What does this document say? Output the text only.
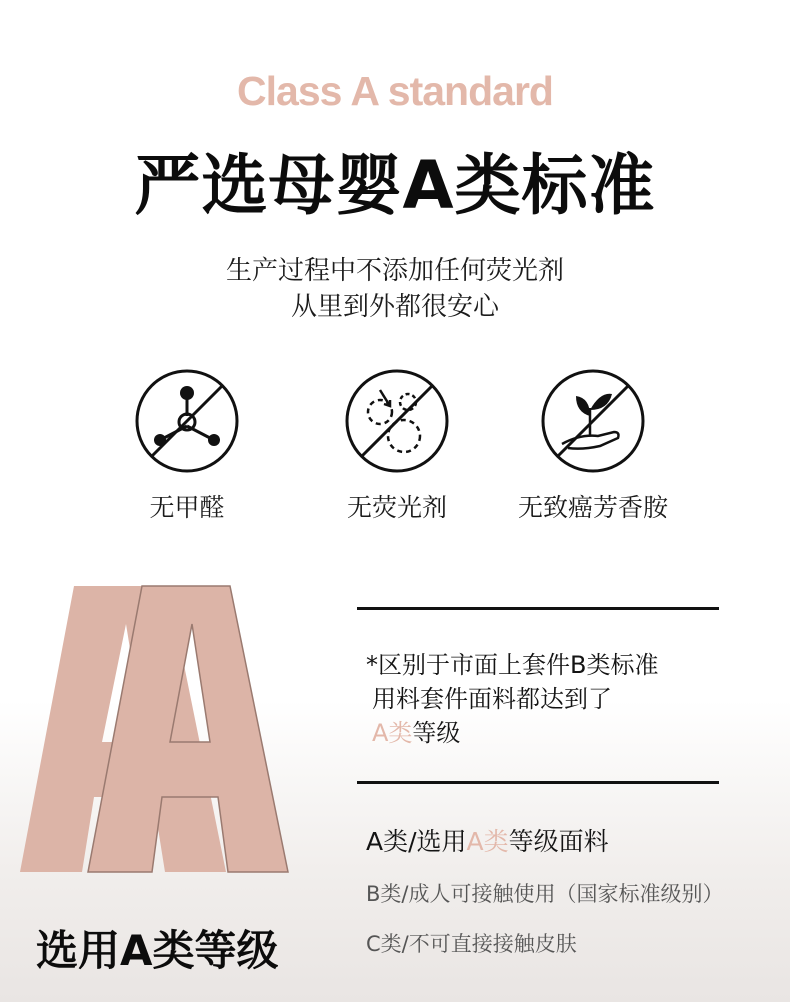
Class A standard
严选母婴A类标准
生产过程中不添加任何荧光剂
从里到外都很安心
无甲醛	无荧光剂	无致癌芳香胺
*区别于市面上套件B类标准
用料套件面料都达到了
A类等级
A类/选用A类等级面料
B类/成人可接触使用（国家标准级别）
C类/不可直接接触皮肤
选用A类等级
